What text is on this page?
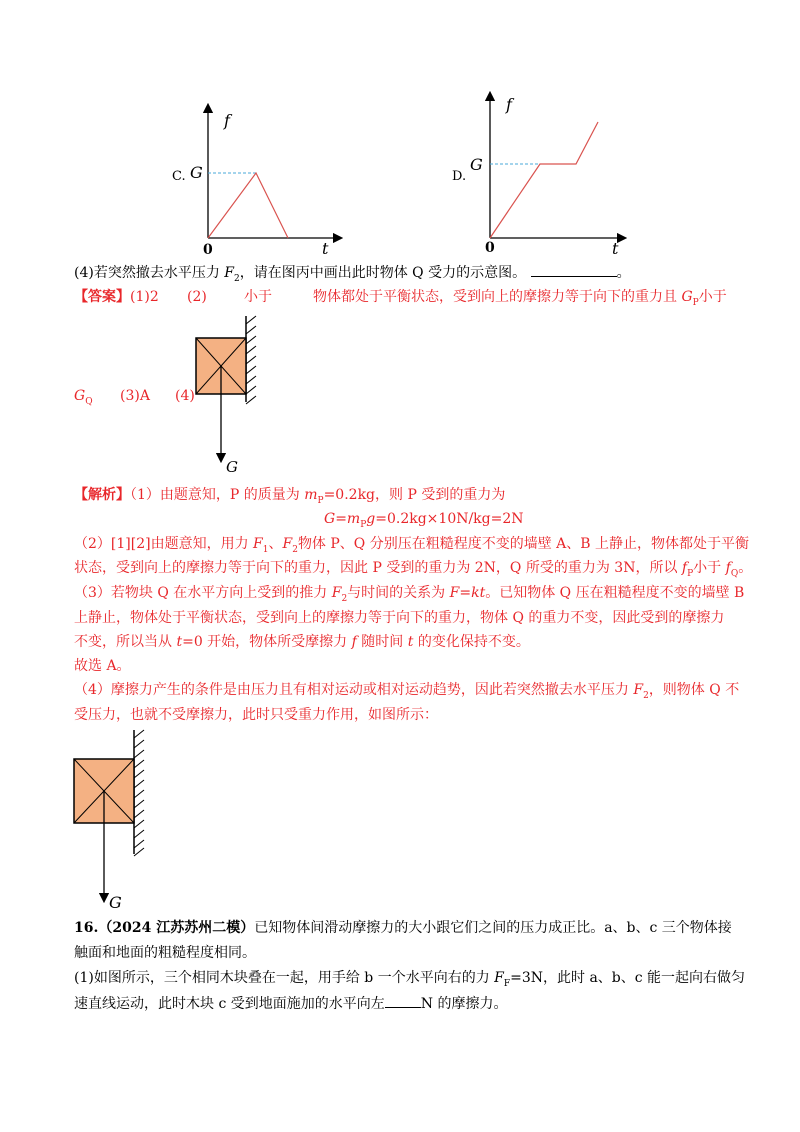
C.
f
t
0
G	D.
f
t
0
G
(4)若突然撤去水平压力 $F_2$，请在图丙中画出此时物体 Q 受力的示意图。	。
【答案】(1)2 (2)	小于	物体都处于平衡状态，受到向上的摩擦力等于向下的重力且 $G_P$小于
$G_Q$ (3)A (4)
G
【解析】（1）由题意知，P 的质量为 $m_P=0.2kg$，则 P 受到的重力为
$G=m_Pg=0.2kg\times 10N/kg=2N$
（2）[1][2]由题意知，用力 $F_1$、$F_2$物体 P、Q 分别压在粗糙程度不变的墙壁 A、B 上静止，物体都处于平衡
状态，受到向上的摩擦力等于向下的重力，因此 P 受到的重力为 2N，Q 所受的重力为 3N，所以 $f_P$小于 $f_Q$。
（3）若物块 Q 在水平方向上受到的推力 $F_2$与时间的关系为 F=kt。已知物体 Q 压在粗糙程度不变的墙壁 B
上静止，物体处于平衡状态，受到向上的摩擦力等于向下的重力，物体 Q 的重力不变，因此受到的摩擦力
不变，所以当从 t=0 开始，物体所受摩擦力 f 随时间 t 的变化保持不变。
故选 A。
（4）摩擦力产生的条件是由压力且有相对运动或相对运动趋势，因此若突然撤去水平压力 $F_2$，则物体 Q 不
受压力，也就不受摩擦力，此时只受重力作用，如图所示：
G
16.（2024 江苏苏州二模）已知物体间滑动摩擦力的大小跟它们之间的压力成正比。a、b、c 三个物体接
触面和地面的粗糙程度相同。
(1)如图所示，三个相同木块叠在一起，用手给 b 一个水平向右的力 $F_F=3N$，此时 a、b、c 能一起向右做匀
速直线运动，此时木块 c 受到地面施加的水平向左	N 的摩擦力。
